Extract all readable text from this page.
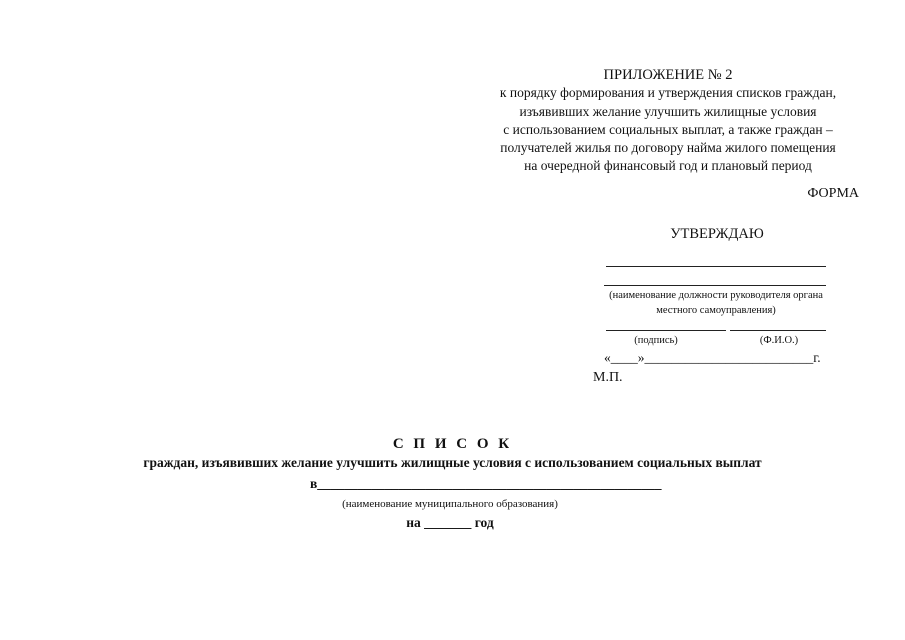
ПРИЛОЖЕНИЕ № 2
к порядку формирования и утверждения списков граждан,
изъявивших желание улучшить жилищные условия
с использованием социальных выплат, а также граждан –
получателей жилья по договору найма жилого помещения
на очередной финансовый год и плановый период
ФОРМА
УТВЕРЖДАЮ
(наименование должности руководителя органа
местного самоуправления)
(подпись)	(Ф.И.О.)
«____»_________________________г.
М.П.
С П И С О К
граждан, изъявивших желание улучшить жилищные условия с использованием социальных выплат
в___________________________________________________
(наименование муниципального образования)
на _______ год
